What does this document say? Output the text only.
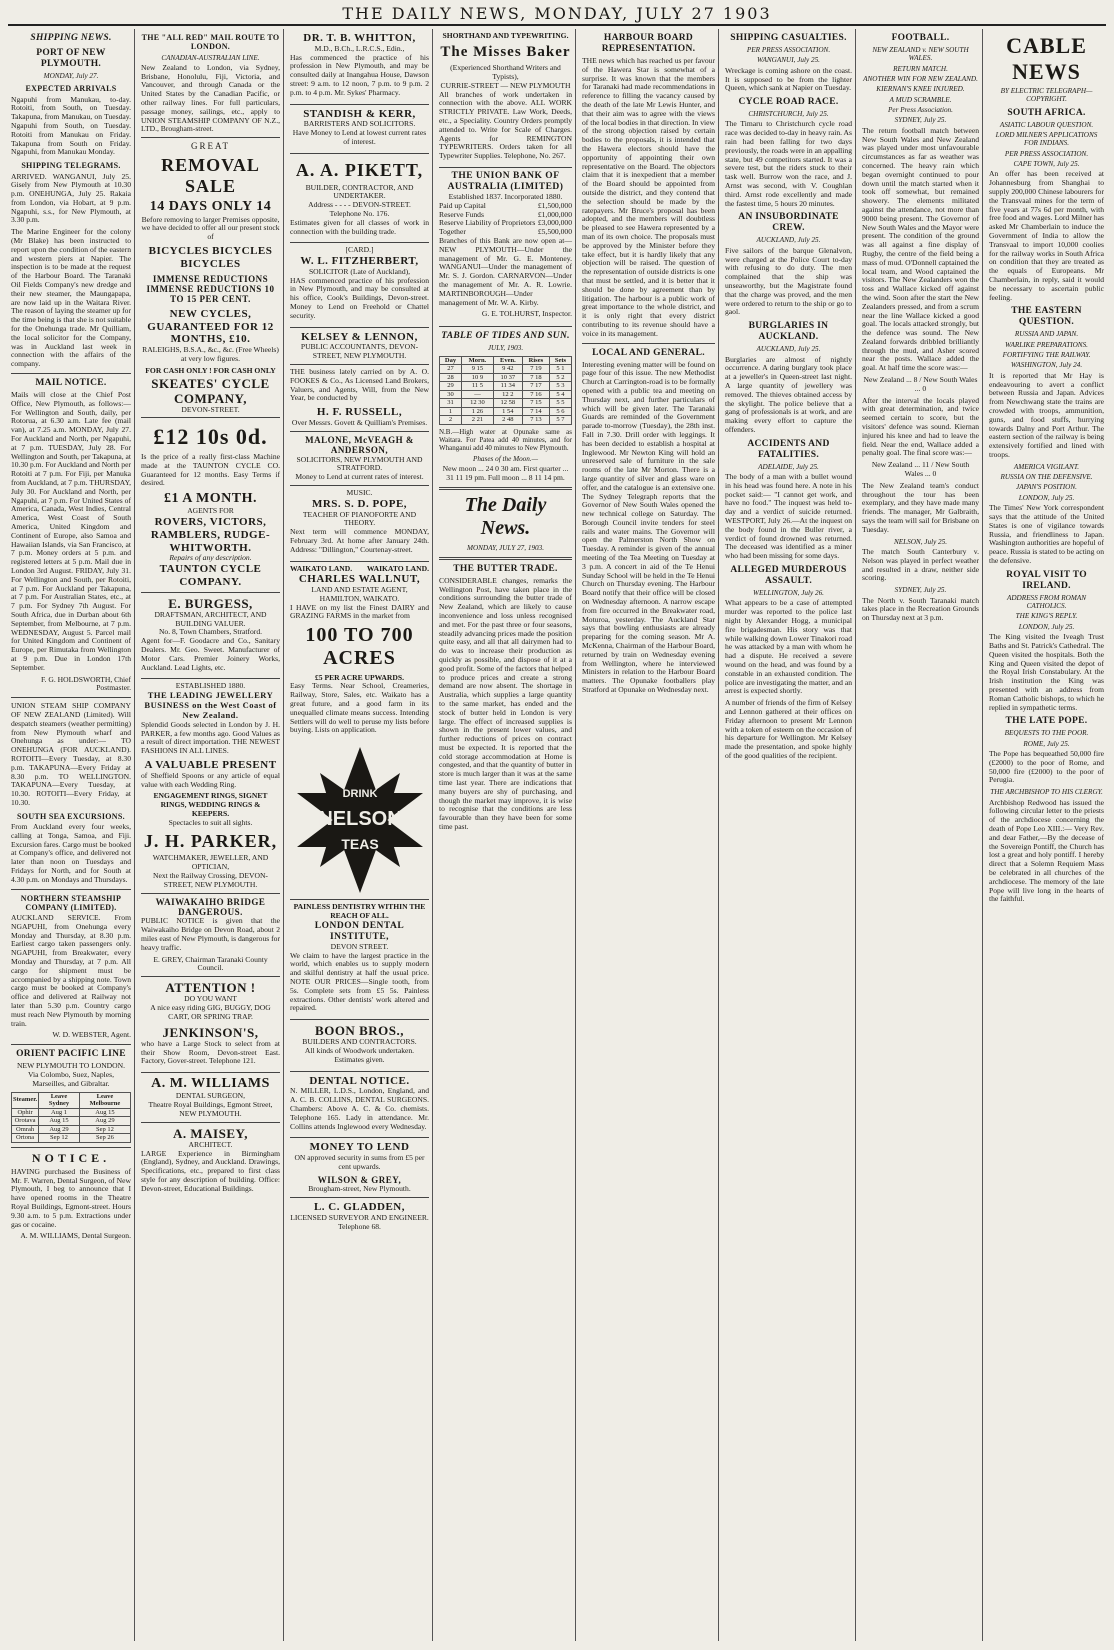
THE DAILY NEWS, MONDAY, JULY 27 1903
SHIPPING NEWS.
PORT OF NEW PLYMOUTH.
MONDAY, July 27.
EXPECTED ARRIVALS

Ngapuhi from Manukau, to-day. Rotoiti, from South, on Tuesday. Takapuna, from Manukau, on Tuesday. Ngapuhi from South, on Tuesday. Rotoiti from Manukau on Friday. Takapuna from South on Friday. Ngapuhi, from Manukau Monday.

SHIPPING TELEGRAMS.

ARRIVED. WANGANUI, July 25. Gisely from New Plymouth at 10.30 p.m. ONEHUNGA, July 25. Rakaia from London, via Hobart, at 9 p.m. Ngapuhi, s.s., for New Plymouth, at 3.30 p.m.

The Marine Engineer for the colony (Mr Blake) has been instructed to report upon the condition of the eastern and western piers at Napier. The inspection is to be made at the request of the Harbour Board. The Taranaki Oil Fields Company's new dredge and their new steamer, the Maungapapa, are now laid up in the Waitara River. The reason of laying the steamer up for the time being is that she is not suitable for the Onehunga trade. Mr Quilliam, the local solicitor for the Company, was in Auckland last week in connection with the affairs of the company.

MAIL NOTICE.

Mails will close at the Chief Post Office, New Plymouth, as follows:— For Wellington and South, daily, per Rotorua, at 6.30 a.m. Late fee (mail van), at 7.25 a.m. MONDAY, July 27. For Auckland and North, per Ngapuhi, at 7 p.m. TUESDAY, July 28. For Wellington and South, per Takapuna, at 10.30 p.m. For Auckland and North per Rotoiti at 7 p.m. For Fiji, per Manuka from Auckland, at 7 p.m. THURSDAY, July 30. For Auckland and North, per Ngapuhi, at 7 p.m. For United States of America, Canada, West Indies, Central America, West Coast of South America, United Kingdom and Continent of Europe, also Samoa and Hawaiian Islands, via San Francisco, at 7 p.m. Money orders at 5 p.m. and registered letters at 5 p.m. Mail due in London 3rd August. FRIDAY, July 31. For Wellington and South, per Rotoiti, at 7 p.m. For Auckland per Takapuna, at 7 p.m. For Australian States, etc., at 7 p.m. For Sydney 7th August. For South Africa, due in Durban about 6th September, from Melbourne, at 7 p.m. WEDNESDAY, August 5. Parcel mail for United Kingdom and Continent of Europe, per Rimutaka from Wellington at 9 p.m. Due in London 17th September.

F. G. HOLDSWORTH, Chief Postmaster.

UNION STEAM SHIP COMPANY OF NEW ZEALAND (Limited). Will despatch steamers (weather permitting) from New Plymouth wharf and Onehunga as under:— TO ONEHUNGA (FOR AUCKLAND). ROTOITI—Every Tuesday, at 8.30 p.m. TAKAPUNA—Every Friday at 8.30 p.m. TO WELLINGTON. TAKAPUNA—Every Tuesday, at 10.30. ROTOITI—Every Friday, at 10.30.

SOUTH SEA EXCURSIONS.

From Auckland every four weeks, calling at Tonga, Samoa, and Fiji. Excursion fares. Cargo must be booked at Company's office, and delivered not later than noon on Tuesdays and Fridays for North, and for South at 4.30 p.m. on Mondays and Thursdays.

NORTHERN STEAMSHIP COMPANY (LIMITED).

AUCKLAND SERVICE. From NGAPUHI, from Onehunga every Monday and Thursday, at 8.30 p.m. Earliest cargo taken passengers only. NGAPUHI, from Breakwater, every Monday and Thursday, at 7 p.m. All cargo for shipment must be accompanied by a shipping note. Town cargo must be booked at Company's office and delivered at Railway not later than 5.30 p.m. Country cargo must reach New Plymouth by morning train.

W. D. WEBSTER, Agent.

ORIENT PACIFIC LINE

NEW PLYMOUTH TO LONDON. Via Colombo, Suez, Naples, Marseilles, and Gibraltar.

Steamer.	Leave Sydney	Leave Melbourne
Ophir	Aug 1	Aug 15
Orotava	Aug 15	Aug 29
Omrah	Aug 29	Sep 12
Ortona	Sep 12	Sep 26
NOTICE.

HAVING purchased the Business of Mr. F. Warren, Dental Surgeon, of New Plymouth, I beg to announce that I have opened rooms in the Theatre Royal Buildings, Egmont-street. Hours 9.30 a.m. to 5 p.m. Extractions under gas or cocaine.

A. M. WILLIAMS, Dental Surgeon.

THE "ALL RED" MAIL ROUTE TO LONDON.
CANADIAN-AUSTRALIAN LINE.

New Zealand to London, via Sydney, Brisbane, Honolulu, Fiji, Victoria, and Vancouver, and through Canada or the United States by the Canadian Pacific, or other railway lines. For full particulars, passage money, sailings, etc., apply to UNION STEAMSHIP COMPANY OF N.Z., LTD., Brougham-street.

GREAT
REMOVAL SALE
14 DAYS ONLY 14

Before removing to larger Premises opposite, we have decided to offer all our present stock of

BICYCLES BICYCLES BICYCLES
IMMENSE REDUCTIONS IMMENSE REDUCTIONS 10 TO 15 PER CENT.
NEW CYCLES, GUARANTEED FOR 12 MONTHS, £10.

RALEIGHS, B.S.A., &c., &c. (Free Wheels) at very low figures.

FOR CASH ONLY ! FOR CASH ONLY
SKEATES' CYCLE COMPANY,
DEVON-STREET.
£12 10s 0d.

Is the price of a really first-class Machine made at the TAUNTON CYCLE CO. Guaranteed for 12 months. Easy Terms if desired.

£1 A MONTH.
AGENTS FOR
ROVERS, VICTORS, RAMBLERS, RUDGE-WHITWORTH.
Repairs of any description.
TAUNTON CYCLE COMPANY.
E. BURGESS,
DRAFTSMAN, ARCHITECT, AND BUILDING VALUER.
No. 8, Town Chambers, Stratford.

Agent for—F. Goodacre and Co., Sanitary Dealers. Mr. Geo. Sweet. Manufacturer of Motor Cars. Premier Joinery Works, Auckland. Lead Lights, etc.

ESTABLISHED 1880.
THE LEADING JEWELLERY BUSINESS on the West Coast of New Zealand.

Splendid Goods selected in London by J. H. PARKER, a few months ago. Good Values as a result of direct importation. THE NEWEST FASHIONS IN ALL LINES.

A VALUABLE PRESENT

of Sheffield Spoons or any article of equal value with each Wedding Ring.

ENGAGEMENT RINGS, SIGNET RINGS, WEDDING RINGS & KEEPERS.
Spectacles to suit all sights.
J. H. PARKER,
WATCHMAKER, JEWELLER, AND OPTICIAN,
Next the Railway Crossing, DEVON-STREET, NEW PLYMOUTH.
WAIWAKAIHO BRIDGE DANGEROUS.

PUBLIC NOTICE is given that the Waiwakaiho Bridge on Devon Road, about 2 miles east of New Plymouth, is dangerous for heavy traffic.

E. GREY, Chairman Taranaki County Council.
ATTENTION !
DO YOU WANT

A nice easy riding GIG, BUGGY, DOG CART, OR SPRING TRAP.

JENKINSON'S,

who have a Large Stock to select from at their Show Room, Devon-street East. Factory, Gover-street. Telephone 121.

A. M. WILLIAMS
DENTAL SURGEON,
Theatre Royal Buildings, Egmont Street, NEW PLYMOUTH.
A. MAISEY,
ARCHITECT.

LARGE Experience in Birmingham (England), Sydney, and Auckland. Drawings, Specifications, etc., prepared to first class style for any description of building. Office: Devon-street, Educational Buildings.

DR. T. B. WHITTON,
M.D., B.Ch., L.R.C.S., Edin.,

Has commenced the practice of his profession in New Plymouth, and may be consulted daily at Inangahua House, Dawson street: 9 a.m. to 12 noon, 7 p.m. to 9 p.m. 2 p.m. to 4 p.m. Mr. Sykes' Pharmacy.

STANDISH & KERR,
BARRISTERS AND SOLICITORS.

Have Money to Lend at lowest current rates of interest.

A. A. PIKETT,
BUILDER, CONTRACTOR, AND UNDERTAKER.
Address - - - - DEVON-STREET.
Telephone No. 176.

Estimates given for all classes of work in connection with the building trade.

[CARD.]
W. L. FITZHERBERT,
SOLICITOR (Late of Auckland),

HAS commenced practice of his profession in New Plymouth, and may be consulted at his office, Cook's Buildings, Devon-street. Money to Lend on Freehold or Chattel security.

KELSEY & LENNON,
PUBLIC ACCOUNTANTS, DEVON-STREET, NEW PLYMOUTH.

THE business lately carried on by A. O. FOOKES & Co., As Licensed Land Brokers, Valuers, and Agents, Will, from the New Year, be conducted by

H. F. RUSSELL,
Over Messrs. Govett & Quilliam's Premises.
MALONE, McVEAGH & ANDERSON,
SOLICITORS, NEW PLYMOUTH AND STRATFORD.
Money to Lend at current rates of interest.
MUSIC.
MRS. S. D. POPE,
TEACHER OF PIANOFORTE AND THEORY.

Next term will commence MONDAY, February 3rd. At home after January 24th. Address: "Dillington," Courtenay-street.

WAIKATO LAND. WAIKATO LAND.
CHARLES WALLNUT,
LAND AND ESTATE AGENT, HAMILTON, WAIKATO.

I HAVE on my list the Finest DAIRY and GRAZING FARMS in the market from

100 TO 700 ACRES
£5 PER ACRE UPWARDS.

Easy Terms. Near School, Creameries, Railway, Store, Sales, etc. Waikato has a great future, and a good farm in its unequalled climate means success. Intending Settlers will do well to peruse my lists before buying. Lists on application.

DRINK
NELSON
TEAS
PAINLESS DENTISTRY WITHIN THE REACH OF ALL.
LONDON DENTAL INSTITUTE,
DEVON STREET.

We claim to have the largest practice in the world, which enables us to supply modern and skilful dentistry at half the usual price. NOTE OUR PRICES—Single tooth, from 5s. Complete sets from £5 5s. Painless extractions. Other dentists' work altered and repaired.

BOON BROS.,
BUILDERS AND CONTRACTORS.

All kinds of Woodwork undertaken. Estimates given.

DENTAL NOTICE.

N. MILLER, L.D.S., London, England, and A. C. B. COLLINS, DENTAL SURGEONS. Chambers: Above A. C. & Co. chemists. Telephone 165. Lady in attendance. Mr. Collins attends Inglewood every Wednesday.

MONEY TO LEND

ON approved security in sums from £5 per cent upwards.

WILSON & GREY,
Brougham-street, New Plymouth.
L. C. GLADDEN,
LICENSED SURVEYOR AND ENGINEER.
Telephone 68.
SHORTHAND AND TYPEWRITING.
The Misses Baker
(Experienced Shorthand Writers and Typists),
CURRIE-STREET — NEW PLYMOUTH

All branches of work undertaken in connection with the above. ALL WORK STRICTLY PRIVATE. Law Work, Deeds, etc., a Speciality. Country Orders promptly attended to. Write for Scale of Charges. Agents for REMINGTON TYPEWRITERS. Orders taken for all Typewriter Supplies. Telephone, No. 267.

THE UNION BANK OF AUSTRALIA (LIMITED)
Established 1837. Incorporated 1880.
Paid up Capital	£1,500,000
Reserve Funds	£1,000,000
Reserve Liability of Proprietors £3,000,000
Together	£5,500,000

Branches of this Bank are now open at—NEW PLYMOUTH—Under the management of Mr. G. E. Monteney. WANGANUI—Under the management of Mr. S. J. Gordon. CARNARVON—Under the management of Mr. A. R. Lowrie. MARTINBOROUGH—Under management of Mr. W. A. Kirby.

G. E. TOLHURST, Inspector.
TABLE OF TIDES AND SUN.
JULY, 1903.
Day	Morn.	Even.	Rises	Sets
27	9 15	9 42	7 19	5 1
28	10 9	10 37	7 18	5 2
29	11 5	11 34	7 17	5 3
30	—	12 2	7 16	5 4
31	12 30	12 58	7 15	5 5
1	1 26	1 54	7 14	5 6
2	2 21	2 48	7 13	5 7

N.B.—High water at Opunake same as Waitara. For Patea add 40 minutes, and for Whanganui add 40 minutes to New Plymouth.

Phases of the Moon.—

New moon ... 24 0 30 am. First quarter ... 31 11 19 pm. Full moon ... 8 11 14 pm.

The Daily News.
MONDAY, JULY 27, 1903.
THE BUTTER TRADE.

CONSIDERABLE changes, remarks the Wellington Post, have taken place in the conditions surrounding the butter trade of New Zealand, which are likely to cause inconvenience and loss unless recognised and met. For the past three or four seasons, steadily advancing prices made the position quite easy, and all that all dairymen had to do was to increase their production as quickly as possible, and dispose of it at a good profit. Some of the factors that helped to produce prices and create a strong demand are now absent. The shortage in Australia, which supplies a large quantity to the same market, has ended and the stock of butter held in London is very large. The effect of increased supplies is shown in the present lower values, and further reductions of prices on contract must be expected. It is reported that the cold storage accommodation at Home is congested, and that the quantity of butter in store is much larger than it was at the same time last year. There are indications that many buyers are shy of purchasing, and though the market may improve, it is wise to recognise that the conditions are less favourable than they have been for some time past.

HARBOUR BOARD REPRESENTATION.

THE news which has reached us per favour of the Hawera Star is somewhat of a surprise. It was known that the members for Taranaki had made recommendations in reference to filling the vacancy caused by the death of the late Mr Lewis Hunter, and that their aim was to agree with the views of the local bodies in that direction. In view of the strong objection raised by certain bodies to the proposals, it is intended that the Hawera electors should have the opportunity of appointing their own representative on the Board. The objectors claim that it is inexpedient that a member of the Board should be appointed from outside the district, and they contend that the selection should be made by the ratepayers. Mr Bruce's proposal has been adopted, and the members will doubtless be pleased to see Hawera represented by a man of its own choice. The proposals must be approved by the Minister before they take effect, but it is hardly likely that any objection will be raised. The question of the representation of outside districts is one that must be settled, and it is better that it should be done by agreement than by litigation. The harbour is a public work of great importance to the whole district, and it is only right that every district contributing to its revenue should have a voice in its management.

LOCAL AND GENERAL.

Interesting evening matter will be found on page four of this issue. The new Methodist Church at Carrington-road is to be formally opened with a public tea and meeting on Thursday next, and further particulars of which will be given later. The Taranaki Guards are reminded of the Government parade to-morrow (Tuesday), the 28th inst. Fall in 7.30. Drill order with leggings. It has been decided to establish a hospital at Inglewood. Mr Newton King will hold an unreserved sale of furniture in the sale rooms of the late Mr Morton. There is a large quantity of silver and glass ware on offer, and the catalogue is an extensive one. The Sydney Telegraph reports that the Governor of New South Wales opened the new technical college on Saturday. The Borough Council invite tenders for steel rails and water mains. The Governor will open the Palmerston North Show on Tuesday. A reminder is given of the annual meeting of the Tea Meeting on Tuesday at 3 p.m. A concert in aid of the Te Henui Sunday School will be held in the Te Henui Church on Thursday evening. The Harbour Board notify that their office will be closed on Wednesday afternoon. A narrow escape from fire occurred in the Breakwater road, Moturoa, yesterday. The Auckland Star says that bowling enthusiasts are already preparing for the coming season. Mr A. McKenna, Chairman of the Harbour Board, returned by train on Wednesday evening from Wellington, where he interviewed Ministers in relation to the Harbour Board matters. The Opunake footballers play Stratford at Opunake on Wednesday next.

SHIPPING CASUALTIES.
PER PRESS ASSOCIATION.
WANGANUI, July 25.

Wreckage is coming ashore on the coast. It is supposed to be from the lighter Queen, which sank at Napier on Tuesday.

CYCLE ROAD RACE.
CHRISTCHURCH, July 25.

The Timaru to Christchurch cycle road race was decided to-day in heavy rain. As rain had been falling for two days previously, the roads were in an appalling state, but 49 competitors started. It was a severe test, but the riders stuck to their task well. Burrow won the race, and J. Arnst was second, with V. Coughlan third. Arnst rode excellently and made the fastest time, 5 hours 20 minutes.

AN INSUBORDINATE CREW.
AUCKLAND, July 25.

Five sailors of the barque Glenalvon, were charged at the Police Court to-day with refusing to do duty. The men complained that the ship was unseaworthy, but the Magistrate found that the charge was proved, and the men were ordered to return to the ship or go to gaol.

BURGLARIES IN AUCKLAND.
AUCKLAND, July 25.

Burglaries are almost of nightly occurrence. A daring burglary took place at a jeweller's in Queen-street last night. A large quantity of jewellery was removed. The thieves obtained access by the skylight. The police believe that a gang of professionals is at work, and are making every effort to capture the offenders.

ACCIDENTS AND FATALITIES.
ADELAIDE, July 25.

The body of a man with a bullet wound in his head was found here. A note in his pocket said:— "I cannot get work, and have no food." The inquest was held to-day and a verdict of suicide returned. WESTPORT, July 26.—At the inquest on the body found in the Buller river, a verdict of found drowned was returned. The deceased was identified as a miner who had been missing for some days.

ALLEGED MURDEROUS ASSAULT.
WELLINGTON, July 26.

What appears to be a case of attempted murder was reported to the police last night by Alexander Hogg, a municipal fire brigadesman. His story was that while walking down Lower Tinakori road he was attacked by a man with whom he had a dispute. He received a severe wound on the head, and was found by a constable in an exhausted condition. The police are investigating the matter, and an arrest is expected shortly.

A number of friends of the firm of Kelsey and Lennon gathered at their offices on Friday afternoon to present Mr Lennon with a token of esteem on the occasion of his departure for Wellington. Mr Kelsey made the presentation, and spoke highly of the good qualities of the recipient.

FOOTBALL.
NEW ZEALAND v. NEW SOUTH WALES.
RETURN MATCH.
ANOTHER WIN FOR NEW ZEALAND.
KIERNAN'S KNEE INJURED.
A MUD SCRAMBLE.
Per Press Association.
SYDNEY, July 25.

The return football match between New South Wales and New Zealand was played under most unfavourable circumstances as far as weather was concerned. The heavy rain which began overnight continued to pour down until the match started when it took off somewhat, but remained showery. The elements militated against the attendance, not more than 9000 being present. The Governor of New South Wales and the Mayor were present. The condition of the ground was all against a fine display of Rugby, the centre of the field being a mass of mud. O'Donnell captained the local team, and Wood captained the visitors. The New Zealanders won the toss and Wallace kicked off against the wind. Soon after the start the New Zealanders pressed, and from a scrum near the line Wallace kicked a good goal. The locals attacked strongly, but the defence was sound. The New Zealand forwards dribbled brilliantly through the mud, and Asher scored near the posts. Wallace added the goal. At half time the score was:—

New Zealand ... 8 / New South Wales ... 0

After the interval the locals played with great determination, and twice seemed certain to score, but the visitors' defence was sound. Kiernan injured his knee and had to leave the field. Near the end, Wallace added a penalty goal. The final score was:—

New Zealand ... 11 / New South Wales ... 0

The New Zealand team's conduct throughout the tour has been exemplary, and they have made many friends. The manager, Mr Galbraith, says the team will sail for Brisbane on Tuesday.

NELSON, July 25.

The match South Canterbury v. Nelson was played in perfect weather and resulted in a draw, neither side scoring.

SYDNEY, July 25.

The North v. South Taranaki match takes place in the Recreation Grounds on Thursday next at 3 p.m.

CABLE NEWS
BY ELECTRIC TELEGRAPH—COPYRIGHT.
SOUTH AFRICA.
ASIATIC LABOUR QUESTION.
LORD MILNER'S APPLICATIONS FOR INDIANS.
PER PRESS ASSOCIATION.
CAPE TOWN, July 25.

An offer has been received at Johannesburg from Shanghai to supply 200,000 Chinese labourers for the Transvaal mines for the term of five years at 77s 6d per month, with free food and wages. Lord Milner has asked Mr Chamberlain to induce the Government of India to allow the Transvaal to import 10,000 coolies for the railway works in South Africa on condition that they are treated as the equals of Europeans. Mr Chamberlain, in reply, said it would be necessary to ascertain public feeling.

THE EASTERN QUESTION.
RUSSIA AND JAPAN.
WARLIKE PREPARATIONS.
FORTIFYING THE RAILWAY.
WASHINGTON, July 24.

It is reported that Mr Hay is endeavouring to avert a conflict between Russia and Japan. Advices from Newchwang state the trains are crowded with troops, ammunition, guns, and food stuffs, hurrying towards Dalny and Port Arthur. The eastern section of the railway is being extensively fortified and lined with troops.

AMERICA VIGILANT.
RUSSIA ON THE DEFENSIVE.
JAPAN'S POSITION.
LONDON, July 25.

The Times' New York correspondent says that the attitude of the United States is one of vigilance towards Russia, and friendliness to Japan. Washington authorities are hopeful of peace. Russia is stated to be acting on the defensive.

ROYAL VISIT TO IRELAND.
ADDRESS FROM ROMAN CATHOLICS.
THE KING'S REPLY.
LONDON, July 25.

The King visited the Iveagh Trust Baths and St. Patrick's Cathedral. The Queen visited the hospitals. Both the King and Queen visited the depot of the Royal Irish Constabulary. At the Irish institution the King was presented with an address from Roman Catholic bishops, to which he replied in sympathetic terms.

THE LATE POPE.
BEQUESTS TO THE POOR.
ROME, July 25.

The Pope has bequeathed 50,000 fire (£2000) to the poor of Rome, and 50,000 fire (£2000) to the poor of Perugia.

THE ARCHBISHOP TO HIS CLERGY.

Archbishop Redwood has issued the following circular letter to the priests of the archdiocese concerning the death of Pope Leo XIII.:— Very Rev. and dear Father,—By the decease of the Sovereign Pontiff, the Church has lost a great and holy pontiff. I hereby direct that a Solemn Requiem Mass be celebrated in all churches of the archdiocese. The memory of the late Pope will live long in the hearts of the faithful.
